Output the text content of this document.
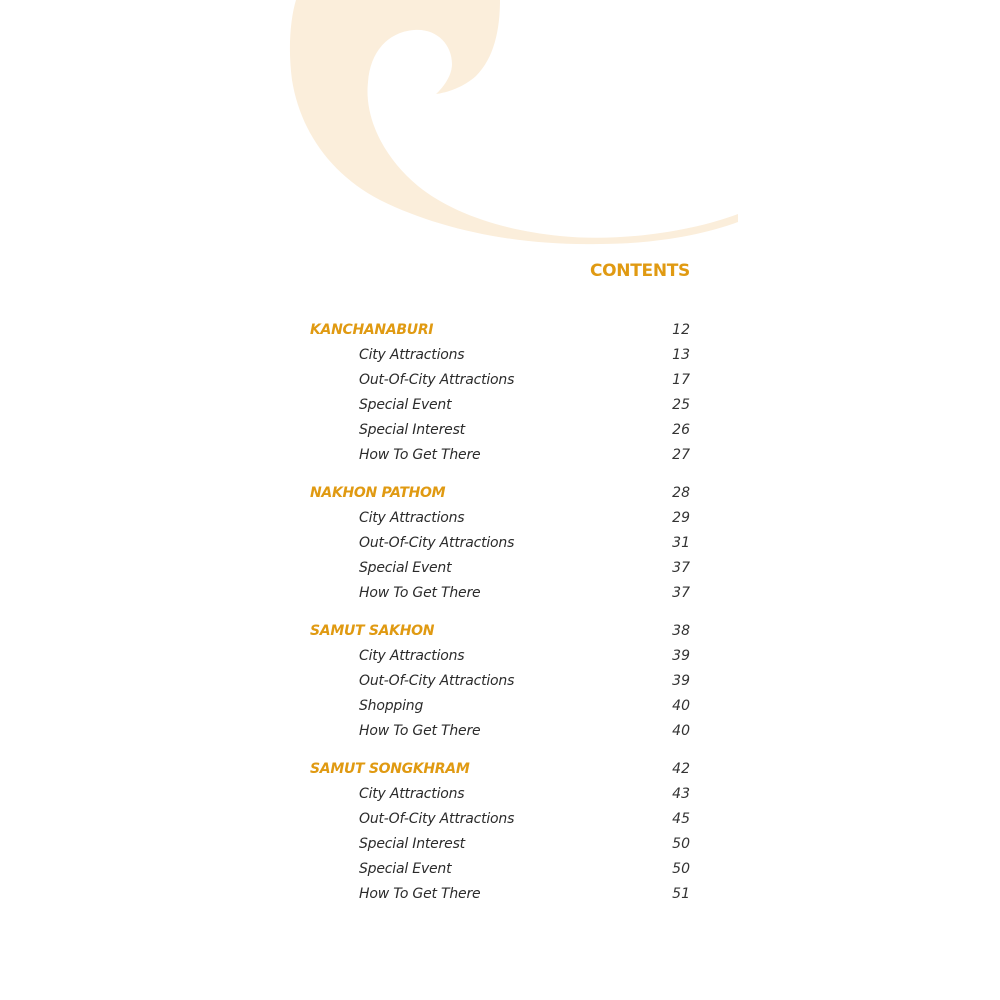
CONTENTS
KANCHANABURI	12
City Attractions	13
Out-Of-City Attractions	17
Special Event	25
Special Interest	26
How To Get There	27
NAKHON PATHOM	28
City Attractions	29
Out-Of-City Attractions	31
Special Event	37
How To Get There	37
SAMUT SAKHON	38
City Attractions	39
Out-Of-City Attractions	39
Shopping	40
How To Get There	40
SAMUT SONGKHRAM	42
City Attractions	43
Out-Of-City Attractions	45
Special Interest	50
Special Event	50
How To Get There	51
